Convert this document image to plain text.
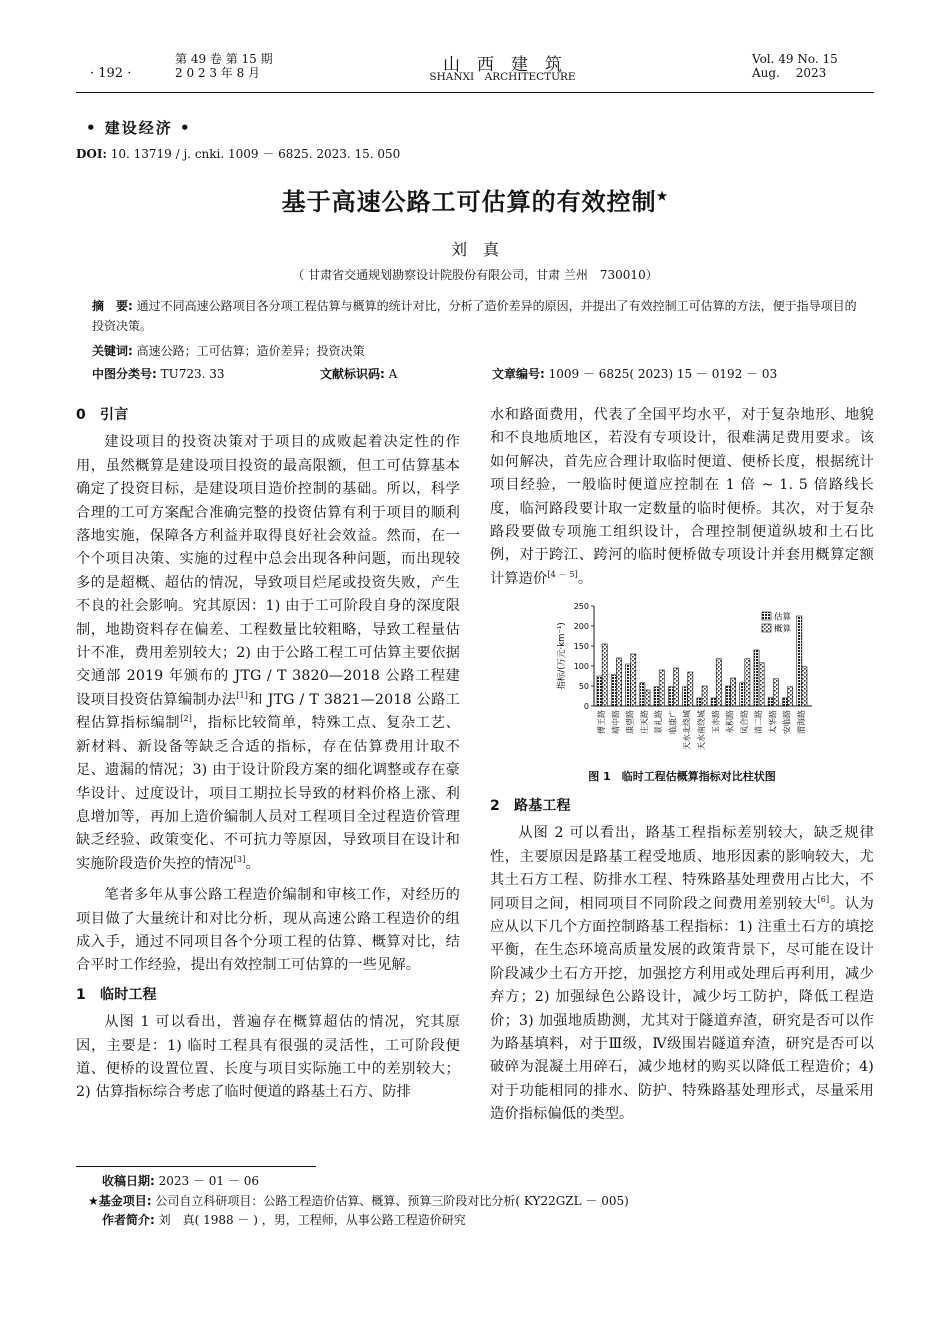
· 192 ·
第 49 卷 第 15 期
2 0 2 3 年 8 月	山　西　建　筑
SHANXI　ARCHITECTURE
Vol. 49 No. 15
Aug.　 2023
• 建设经济 •
DOI: 10. 13719 / j. cnki. 1009 － 6825. 2023. 15. 050
基于高速公路工可估算的有效控制★
刘　真
（ 甘肃省交通规划勘察设计院股份有限公司，甘肃 兰州　730010）
摘　要: 通过不同高速公路项目各分项工程估算与概算的统计对比，分析了造价差异的原因，并提出了有效控制工可估算的方法，便于指导项目的投资决策。
关键词: 高速公路；工可估算；造价差异；投资决策
中图分类号: TU723. 33	文献标识码: A	文章编号: 1009 － 6825( 2023) 15 － 0192 － 03

0　引言

建设项目的投资决策对于项目的成败起着决定性的作用，虽然概算是建设项目投资的最高限额，但工可估算基本确定了投资目标，是建设项目造价控制的基础。所以，科学合理的工可方案配合准确完整的投资估算有利于项目的顺利落地实施，保障各方利益并取得良好社会效益。然而，在一个个项目决策、实施的过程中总会出现各种问题，而出现较多的是超概、超估的情况，导致项目烂尾或投资失败，产生不良的社会影响。究其原因：1) 由于工可阶段自身的深度限制，地勘资料存在偏差、工程数量比较粗略，导致工程量估计不准，费用差别较大；2) 由于公路工程工可估算主要依据交通部 2019 年颁布的 JTG / T 3820—2018 公路工程建设项目投资估算编制办法[1]和 JTG / T 3821—2018 公路工程估算指标编制[2]，指标比较简单，特殊工点、复杂工艺、新材料、新设备等缺乏合适的指标，存在估算费用计取不足、遗漏的情况；3) 由于设计阶段方案的细化调整或存在豪华设计、过度设计，项目工期拉长导致的材料价格上涨、利息增加等，再加上造价编制人员对工程项目全过程造价管理缺乏经验、政策变化、不可抗力等原因，导致项目在设计和实施阶段造价失控的情况[3]。

笔者多年从事公路工程造价编制和审核工作，对经历的项目做了大量统计和对比分析，现从高速公路工程造价的组成入手，通过不同项目各个分项工程的估算、概算对比，结合平时工作经验，提出有效控制工可估算的一些见解。

1　临时工程

从图 1 可以看出，普遍存在概算超估的情况，究其原因，主要是：1) 临时工程具有很强的灵活性，工可阶段便道、便桥的设置位置、长度与项目实际施工中的差别较大；2) 估算指标综合考虑了临时便道的路基土石方、防排

收稿日期: 2023 － 01 － 06
★基金项目: 公司自立科研项目：公路工程造价估算、概算、预算三阶段对比分析( KY22GZL － 005)
作者简介: 刘　真( 1988 － ) ，男，工程师，从事公路工程造价研究

水和路面费用，代表了全国平均水平，对于复杂地形、地貌和不良地质地区，若没有专项设计，很难满足费用要求。该如何解决，首先应合理计取临时便道、便桥长度，根据统计项目经验，一般临时便道应控制在 1 倍 ~ 1. 5 倍路线长度，临河路段要计取一定数量的临时便桥。其次，对于复杂路段要做专项施工组织设计，合理控制便道纵坡和土石比例，对于跨江、跨河的临时便桥做专项设计并套用概算定额计算造价[4 － 5]。

0
50
100
150
200
250
指标/(万元·km⁻¹)
傅王路 靖中路 康望路 庄天路 景礼路 临康广 天水北绕城 天水南绕城 玉赤路 永积路 凤合路 清二路 太华路 安临路 渭海路
估算
概算
图 1　临时工程估概算指标对比柱状图

2　路基工程

从图 2 可以看出，路基工程指标差别较大，缺乏规律性，主要原因是路基工程受地质、地形因素的影响较大，尤其土石方工程、防排水工程、特殊路基处理费用占比大，不同项目之间，相同项目不同阶段之间费用差别较大[6]。认为应从以下几个方面控制路基工程指标：1) 注重土石方的填挖平衡，在生态环境高质量发展的政策背景下，尽可能在设计阶段减少土石方开挖，加强挖方利用或处理后再利用，减少弃方；2) 加强绿色公路设计，减少圬工防护，降低工程造价；3) 加强地质勘测，尤其对于隧道弃渣，研究是否可以作为路基填料，对于Ⅲ级，Ⅳ级围岩隧道弃渣，研究是否可以破碎为混凝土用碎石，减少地材的购买以降低工程造价；4) 对于功能相同的排水、防护、特殊路基处理形式，尽量采用造价指标偏低的类型。
